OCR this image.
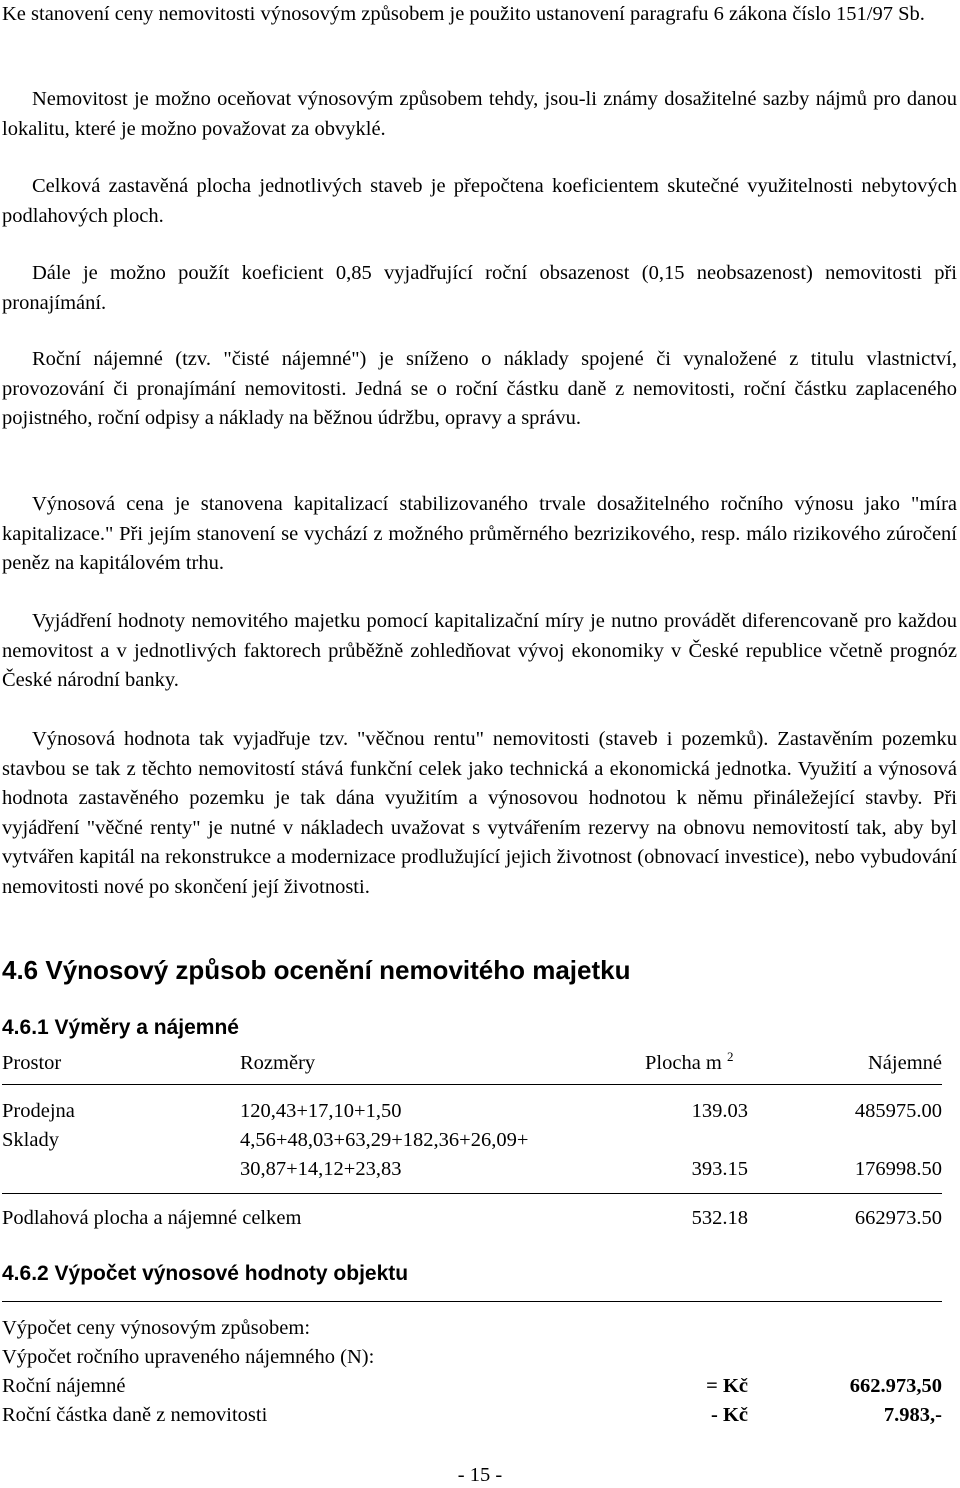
Ke stanovení ceny nemovitosti výnosovým způsobem je použito ustanovení paragrafu 6 zákona číslo 151/97 Sb.

Nemovitost je možno oceňovat výnosovým způsobem tehdy, jsou-li známy dosažitelné sazby nájmů pro danou lokalitu, které je možno považovat za obvyklé.

Celková zastavěná plocha jednotlivých staveb je přepočtena koeficientem skutečné využitelnosti nebytových podlahových ploch.

Dále je možno použít koeficient 0,85 vyjadřující roční obsazenost (0,15 neobsazenost) nemovitosti při pronajímání.

Roční nájemné (tzv. "čisté nájemné") je sníženo o náklady spojené či vynaložené z titulu vlastnictví, provozování či pronajímání nemovitosti. Jedná se o roční částku daně z nemovitosti, roční částku zaplaceného pojistného, roční odpisy a náklady na běžnou údržbu, opravy a správu.

Výnosová cena je stanovena kapitalizací stabilizovaného trvale dosažitelného ročního výnosu jako "míra kapitalizace." Při jejím stanovení se vychází z možného průměrného bezrizikového, resp. málo rizikového zúročení peněz na kapitálovém trhu.

Vyjádření hodnoty nemovitého majetku pomocí kapitalizační míry je nutno provádět diferencovaně pro každou nemovitost a v jednotlivých faktorech průběžně zohledňovat vývoj ekonomiky v České republice včetně prognóz České národní banky.

Výnosová hodnota tak vyjadřuje tzv. "věčnou rentu" nemovitosti (staveb i pozemků). Zastavěním pozemku stavbou se tak z těchto nemovitostí stává funkční celek jako technická a ekonomická jednotka. Využití a výnosová hodnota zastavěného pozemku je tak dána využitím a výnosovou hodnotou k němu přináležející stavby. Při vyjádření "věčné renty" je nutné v nákladech uvažovat s vytvářením rezervy na obnovu nemovitostí tak, aby byl vytvářen kapitál na rekonstrukce a modernizace prodlužující jejich životnost (obnovací investice), nebo vybudování nemovitosti nové po skončení její životnosti.

4.6 Výnosový způsob ocenění nemovitého majetku
4.6.1 Výměry a nájemné
Prostor	Rozměry	Plocha m $^2$	Nájemné
Prodejna	120,43+17,10+1,50	139.03	485975.00
Sklady	4,56+48,03+63,29+182,36+26,09+
30,87+14,12+23,83	393.15	176998.50
Podlahová plocha a nájemné celkem	532.18	662973.50
4.6.2 Výpočet výnosové hodnoty objektu
Výpočet ceny výnosovým způsobem:
Výpočet ročního upraveného nájemného (N):
Roční nájemné	= Kč	662.973,50
Roční částka daně z nemovitosti	- Kč	7.983,-
- 15 -
